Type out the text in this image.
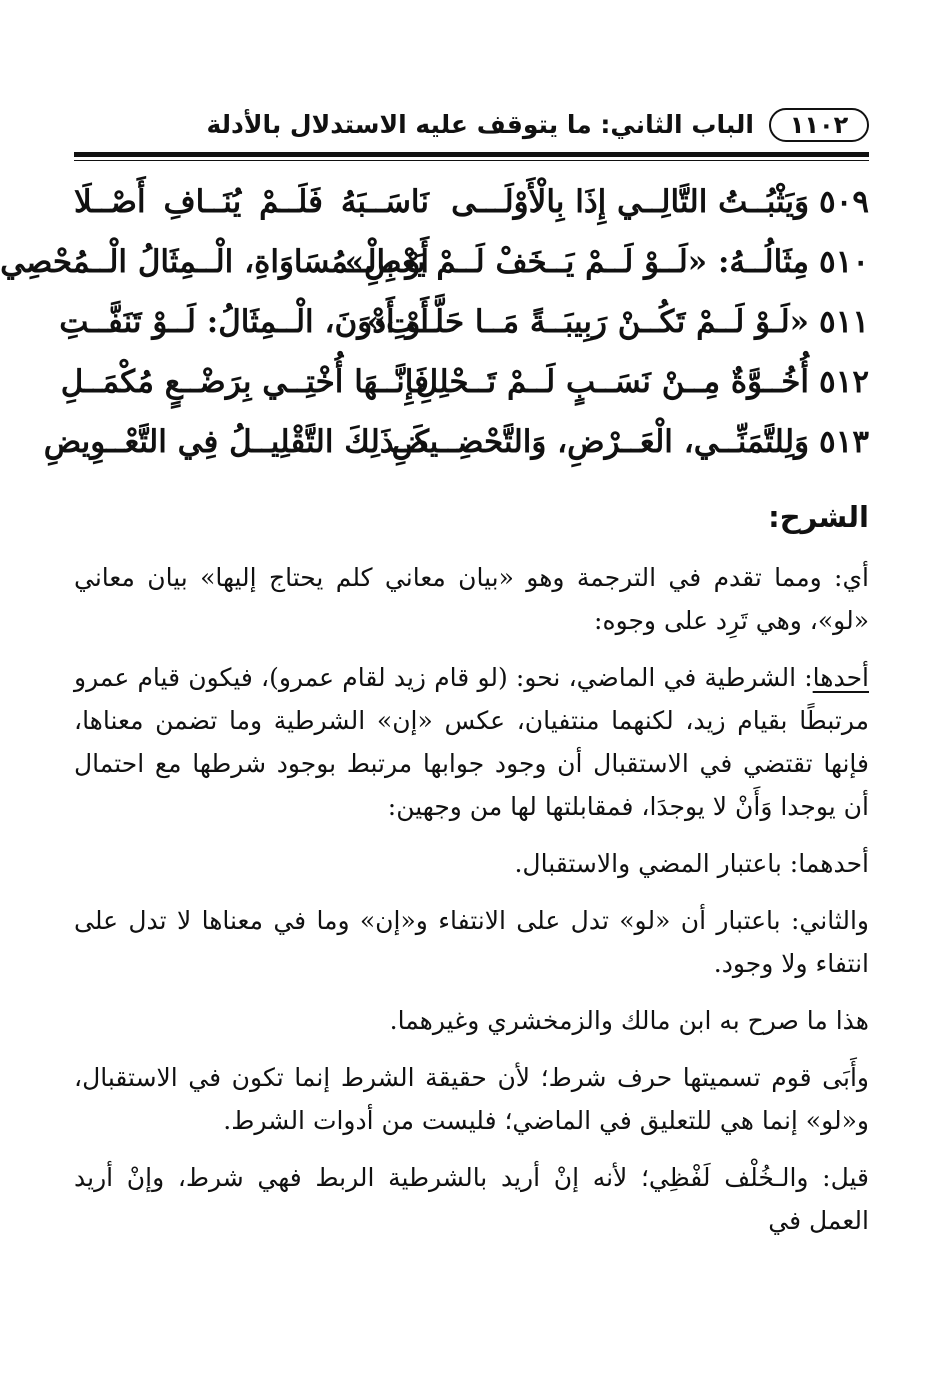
١١٠٢
الباب الثاني: ما يتوقف عليه الاستدلال بالأدلة
٥٠٩وَيَثْبُــتُ التَّالِــي إِذَا بِالْأَوْلَـــى
نَاسَــبَهُ فَلَــمْ يُنَــافِ أَصْــلَا
٥١٠مِثَالُــهُ: «لَــوْ لَــمْ يَــخَفْ لَــمْ يَعْصِ»
أَوْ بِالْــمُسَاوَاةِ، الْــمِثَالُ الْــمُحْصِي
٥١١«لَـوْ لَــمْ تَكُــنْ رَبِيبَــةً مَــا حَلَّــتِ»
أَوْ أَدْوَنَ، الْــمِثَالُ: لَــوْ تَنَفَّــتِ
٥١٢أُخُــوَّةٌ مِــنْ نَسَــبٍ لَــمْ تَــحْلِلِ
فَإِنَّــهَا أُخْتِــي بِرَضْــعٍ مُكْمَــلِ
٥١٣وَلِلتَّمَنِّــي، الْعَــرْضِ، وَالتَّحْضِــيضِ
كَــذَلِكَ التَّقْلِيــلُ فِي التَّعْــوِيضِ
الشرح:

أي: ومما تقدم في الترجمة وهو «بيان معاني كلم يحتاج إليها» بيان معاني «لو»، وهي تَرِد على وجوه:

أحدها: الشرطية في الماضي، نحو: (لو قام زيد لقام عمرو)، فيكون قيام عمرو مرتبطًا بقيام زيد، لكنهما منتفيان، عكس «إن» الشرطية وما تضمن معناها، فإنها تقتضي في الاستقبال أن وجود جوابها مرتبط بوجود شرطها مع احتمال أن يوجدا وَأَنْ لا يوجدَا، فمقابلتها لها من وجهين:

أحدهما: باعتبار المضي والاستقبال.

والثاني: باعتبار أن «لو» تدل على الانتفاء و«إن» وما في معناها لا تدل على انتفاء ولا وجود.

هذا ما صرح به ابن مالك والزمخشري وغيرهما.

وأَبَى قوم تسميتها حرف شرط؛ لأن حقيقة الشرط إنما تكون في الاستقبال، و«لو» إنما هي للتعليق في الماضي؛ فليست من أدوات الشرط.

قيل: والـخُلْف لَفْظِي؛ لأنه إنْ أريد بالشرطية الربط فهي شرط، وإنْ أريد العمل في
